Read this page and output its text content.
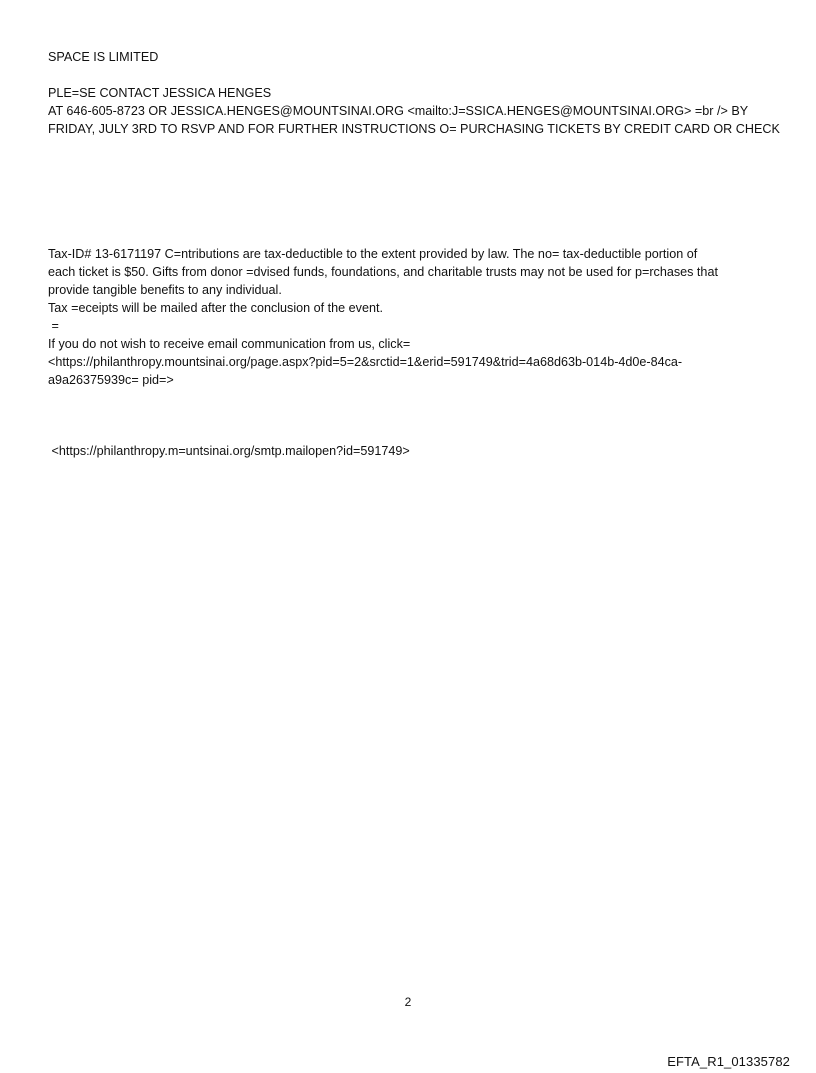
SPACE IS LIMITED

PLE=SE CONTACT JESSICA HENGES
AT 646-605-8723 OR JESSICA.HENGES@MOUNTSINAI.ORG <mailto:J=SSICA.HENGES@MOUNTSINAI.ORG> =br /> BY
FRIDAY, JULY 3RD TO RSVP AND FOR FURTHER INSTRUCTIONS O= PURCHASING TICKETS BY CREDIT CARD OR CHECK
Tax-ID# 13-6171197 C=ntributions are tax-deductible to the extent provided by law. The no= tax-deductible portion of
each ticket is $50. Gifts from donor =dvised funds, foundations, and charitable trusts may not be used for p=rchases that
provide tangible benefits to any individual.
Tax =eceipts will be mailed after the conclusion of the event.
=
If you do not wish to receive email communication from us, click=
<https://philanthropy.mountsinai.org/page.aspx?pid=5=2&srctid=1&erid=591749&trid=4a68d63b-014b-4d0e-84ca-
a9a26375939c= pid=>

<https://philanthropy.m=untsinai.org/smtp.mailopen?id=591749>

2
EFTA_R1_01335782
